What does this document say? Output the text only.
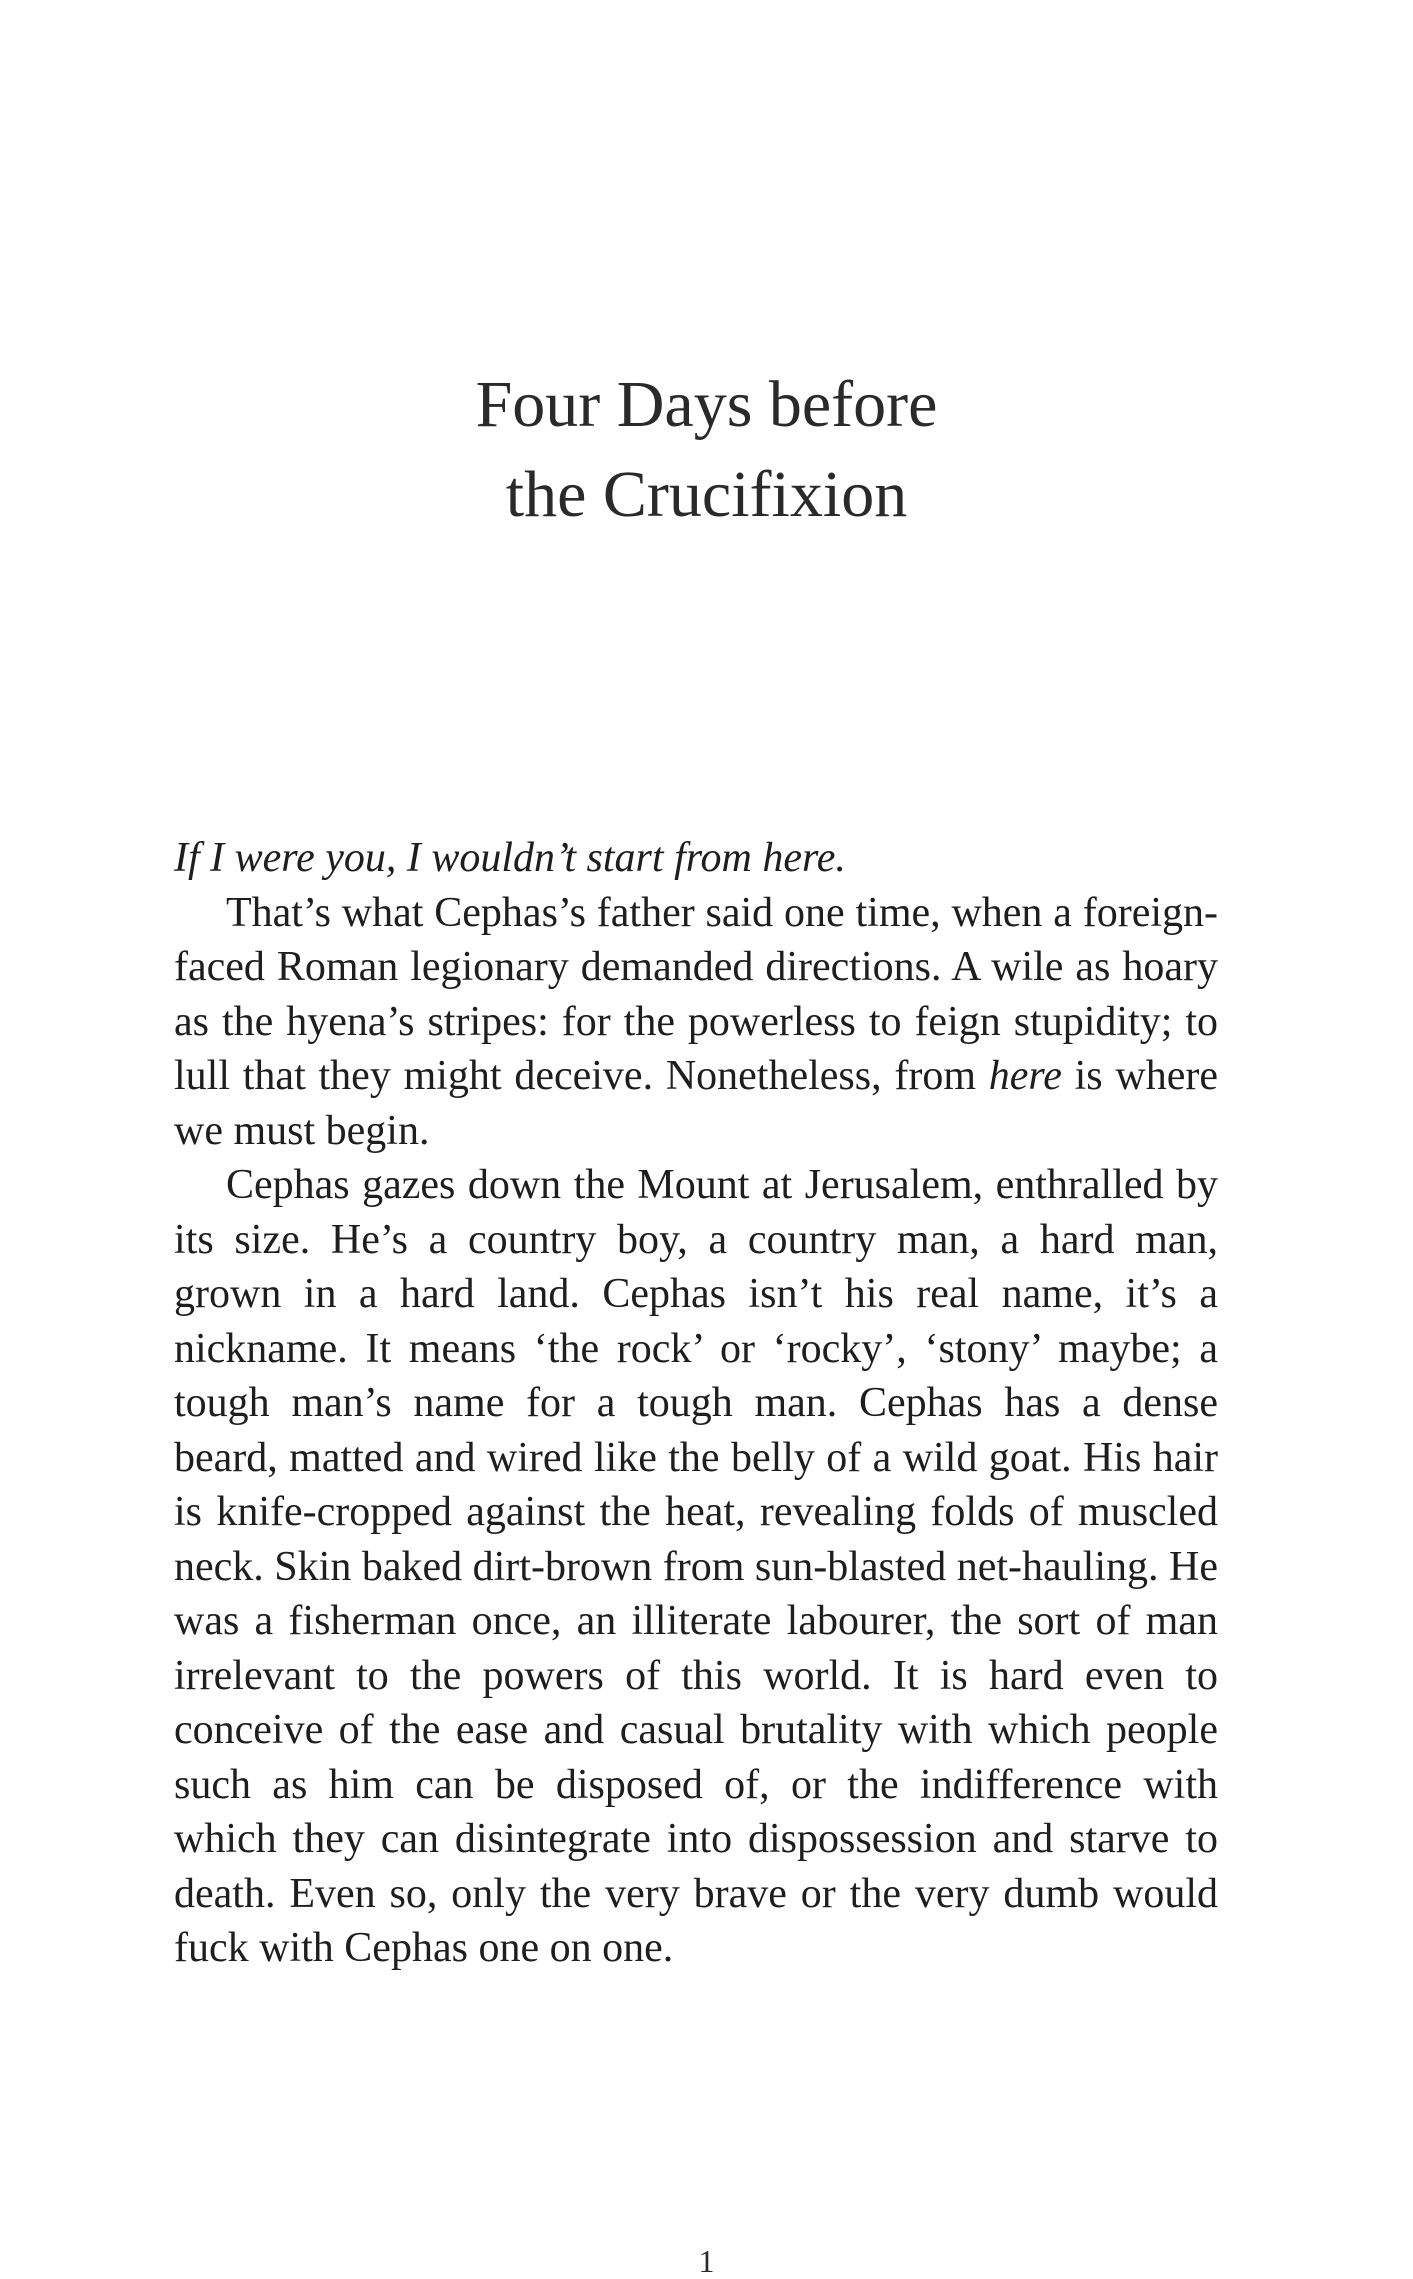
Four Days before
the Crucifixion

If I were you, I wouldn’t start from here.

That’s what Cephas’s father said one time, when a foreign-faced Roman legionary demanded directions. A wile as hoary as the hyena’s stripes: for the powerless to feign stupidity; to lull that they might deceive. Nonetheless, from here is where we must begin.

Cephas gazes down the Mount at Jerusalem, enthralled by its size. He’s a country boy, a country man, a hard man, grown in a hard land. Cephas isn’t his real name, it’s a nickname. It means ‘the rock’ or ‘rocky’, ‘stony’ maybe; a tough man’s name for a tough man. Cephas has a dense beard, matted and wired like the belly of a wild goat. His hair is knife-cropped against the heat, revealing folds of muscled neck. Skin baked dirt-brown from sun-blasted net-hauling. He was a fisherman once, an illiterate labourer, the sort of man irrelevant to the powers of this world. It is hard even to conceive of the ease and casual brutality with which people such as him can be disposed of, or the indifference with which they can disintegrate into dispossession and starve to death. Even so, only the very brave or the very dumb would fuck with Cephas one on one.

1
